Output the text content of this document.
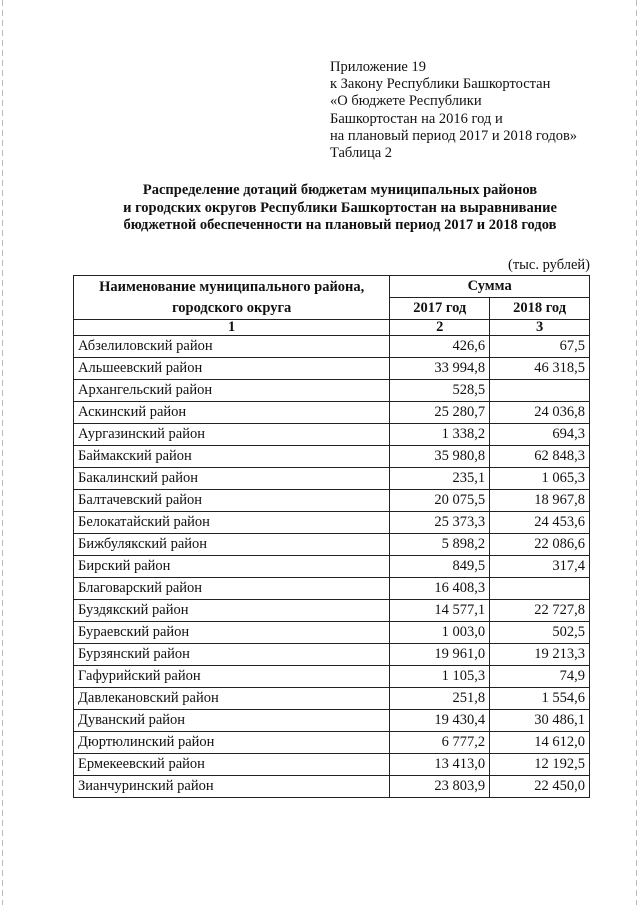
Приложение 19
к Закону Республики Башкортостан
«О бюджете Республики
Башкортостан на 2016 год и
на плановый период 2017 и 2018 годов»
Таблица 2
Распределение дотаций бюджетам муниципальных районов
и городских округов Республики Башкортостан на выравнивание
бюджетной обеспеченности на плановый период 2017 и 2018 годов
(тыс. рублей)
Наименование муниципального района, городского округа	Сумма	
	2017 год	2018 год
1	2	3
Абзелиловский район	426,6	67,5
Альшеевский район	33 994,8	46 318,5
Архангельский район	528,5	
Аскинский район	25 280,7	24 036,8
Аургазинский район	1 338,2	694,3
Баймакский район	35 980,8	62 848,3
Бакалинский район	235,1	1 065,3
Балтачевский район	20 075,5	18 967,8
Белокатайский район	25 373,3	24 453,6
Бижбулякский район	5 898,2	22 086,6
Бирский район	849,5	317,4
Благоварский район	16 408,3	
Буздякский район	14 577,1	22 727,8
Бураевский район	1 003,0	502,5
Бурзянский район	19 961,0	19 213,3
Гафурийский район	1 105,3	74,9
Давлекановский район	251,8	1 554,6
Дуванский район	19 430,4	30 486,1
Дюртюлинский район	6 777,2	14 612,0
Ермекеевский район	13 413,0	12 192,5
Зианчуринский район	23 803,9	22 450,0
